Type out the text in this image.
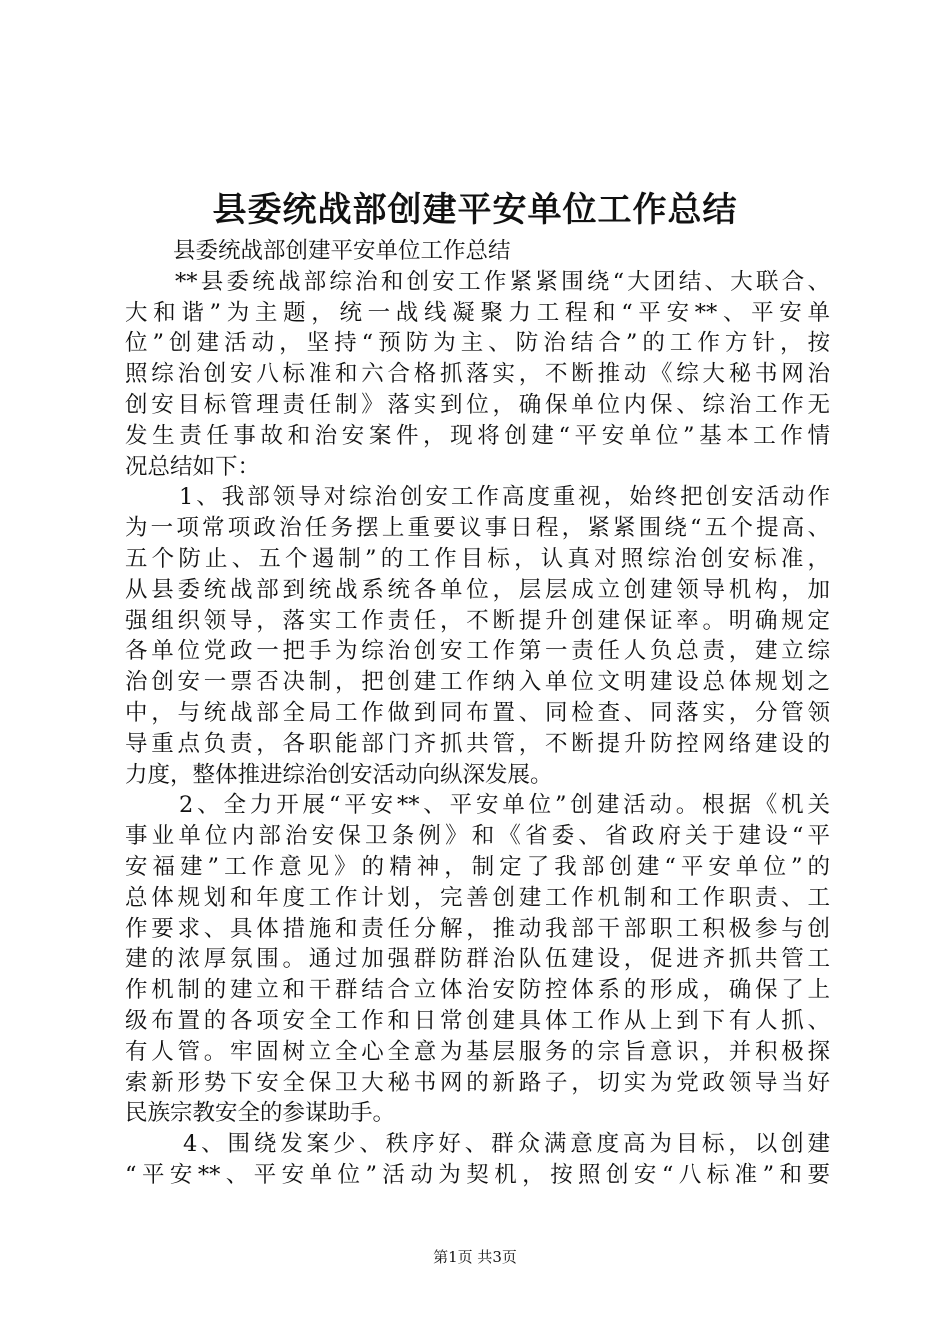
县委统战部创建平安单位工作总结
县委统战部创建平安单位工作总结
**县委统战部综治和创安工作紧紧围绕“大团结、大联合、
大和谐”为主题，统一战线凝聚力工程和“平安**、平安单
位”创建活动，坚持“预防为主、防治结合”的工作方针，按
照综治创安八标准和六合格抓落实，不断推动《综大秘书网治
创安目标管理责任制》落实到位，确保单位内保、综治工作无
发生责任事故和治安案件，现将创建“平安单位”基本工作情
况总结如下：
1、我部领导对综治创安工作高度重视，始终把创安活动作
为一项常项政治任务摆上重要议事日程，紧紧围绕“五个提高、
五个防止、五个遏制”的工作目标，认真对照综治创安标准，
从县委统战部到统战系统各单位，层层成立创建领导机构，加
强组织领导，落实工作责任，不断提升创建保证率。明确规定
各单位党政一把手为综治创安工作第一责任人负总责，建立综
治创安一票否决制，把创建工作纳入单位文明建设总体规划之
中，与统战部全局工作做到同布置、同检查、同落实，分管领
导重点负责，各职能部门齐抓共管，不断提升防控网络建设的
力度，整体推进综治创安活动向纵深发展。
2、全力开展“平安**、平安单位”创建活动。根据《机关
事业单位内部治安保卫条例》和《省委、省政府关于建设“平
安福建”工作意见》的精神，制定了我部创建“平安单位”的
总体规划和年度工作计划，完善创建工作机制和工作职责、工
作要求、具体措施和责任分解，推动我部干部职工积极参与创
建的浓厚氛围。通过加强群防群治队伍建设，促进齐抓共管工
作机制的建立和干群结合立体治安防控体系的形成，确保了上
级布置的各项安全工作和日常创建具体工作从上到下有人抓、
有人管。牢固树立全心全意为基层服务的宗旨意识，并积极探
索新形势下安全保卫大秘书网的新路子，切实为党政领导当好
民族宗教安全的参谋助手。
4、围绕发案少、秩序好、群众满意度高为目标，以创建
“平安**、平安单位”活动为契机，按照创安“八标准”和要
第1页 共3页
